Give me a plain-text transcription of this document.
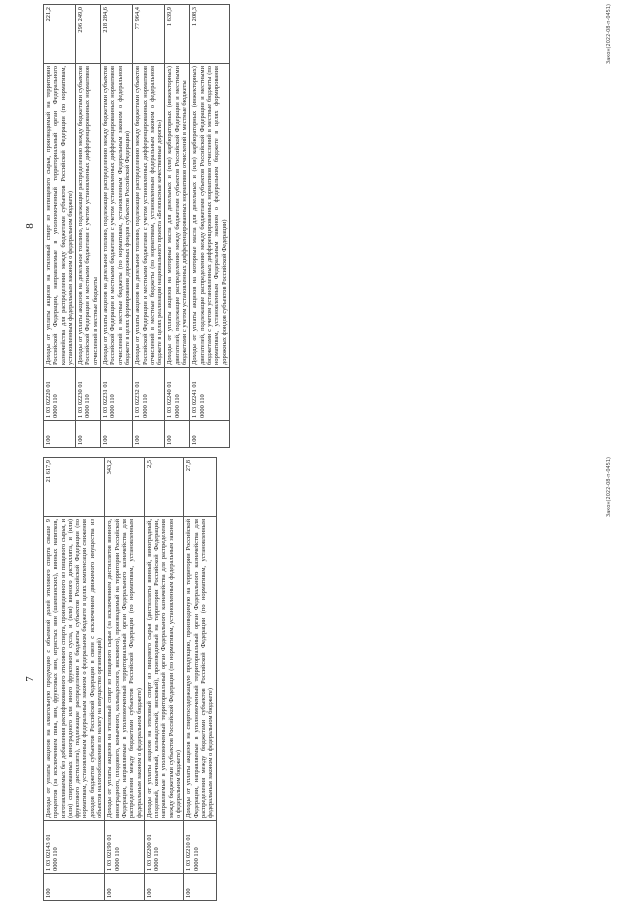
8
100	1 03 02220 01 0000 110	Доходы от уплаты акцизов на этиловый спирт из непищевого сырья, производимый на территории Российской Федерации, направляемые в уполномоченный территориальный орган Федерального казначейства для распределения между бюджетами субъектов Российской Федерации (по нормативам, установленным федеральным законом о федеральном бюджете)	221,2
100	1 03 02230 01 0000 110	Доходы от уплаты акцизов на дизельное топливо, подлежащие распределению между бюджетами субъектов Российской Федерации и местными бюджетами с учетом установленных дифференцированных нормативов отчислений в местные бюджеты	296 249,0
100	1 03 02231 01 0000 110	Доходы от уплаты акцизов на дизельное топливо, подлежащие распределению между бюджетами субъектов Российской Федерации и местными бюджетами с учетом установленных дифференцированных нормативов отчислений в местные бюджеты (по нормативам, установленным Федеральным законом о федеральном бюджете в целях формирования дорожных фондов субъектов Российской Федерации)	218 284,6
100	1 03 02232 01 0000 110	Доходы от уплаты акцизов на дизельное топливо, подлежащие распределению между бюджетами субъектов Российской Федерации и местными бюджетами с учетом установленных дифференцированных нормативов отчислений в местные бюджеты (по нормативам, установленным федеральным законом о федеральном бюджете в целях реализации национального проекта «Безопасные качественные дороги»)	77 964,4
100	1 03 02240 01 0000 110	Доходы от уплаты акцизов на моторные масла для дизельных и (или) карбюраторных (инжекторных) двигателей, подлежащие распределению между бюджетами субъектов Российской Федерации и местными бюджетами с учетом установленных дифференцированных нормативов отчислений в местные бюджеты	1 639,9
100	1 03 02241 01 0000 110	Доходы от уплаты акцизов на моторные масла для дизельных и (или) карбюраторных (инжекторных) двигателей, подлежащие распределению между бюджетами субъектов Российской Федерации и местными бюджетами с учетом установленных дифференцированных нормативов отчислений в местные бюджеты (по нормативам, установленным Федеральным законом о федеральном бюджете в целях формирования дорожных фондов субъектов Российской Федерации)	1 208,3	Закон(2022-08-п-0451)
7
100	1 03 02143 01 0000 110	Доходы от уплаты акцизов на алкогольную продукцию с объемной долей этилового спирта свыше 9 процентов (за исключением пива, вин, фруктовых вин, игристых вин (шампанских), винных напитков, изготавливаемых без добавления ректификованного этилового спирта, произведенного из пищевого сырья, и (или) спиртованных виноградного или иного фруктового сусла, и (или) винного дистиллята, и (или) фруктового дистиллята), подлежащие распределению в бюджеты субъектов Российской Федерации (по нормативам, установленным федеральным законом о федеральном бюджете в целях компенсации снижения доходов бюджетов субъектов Российской Федерации в связи с исключением движимого имущества из объектов налогообложения по налогу на имущество организаций)	21 617,9
100	1 03 02190 01 0000 110	Доходы от уплаты акцизов на этиловый спирт из пищевого сырья (за исключением дистиллятов винного, виноградного, плодового, коньячного, кальвадосного, вискового), производимый на территории Российской Федерации, направляемые в уполномоченный территориальный орган Федерального казначейства для распределения между бюджетами субъектов Российской Федерации (по нормативам, установленным федеральным законом о федеральном бюджете)	343,2
100	1 03 02200 01 0000 110	Доходы от уплаты акцизов на этиловый спирт из пищевого сырья (дистилляты винный, виноградный, плодовый, коньячный, кальвадосный, висковый), производимый на территории Российской Федерации, направляемые в уполномоченный территориальный орган Федерального казначейства для распределения между бюджетами субъектов Российской Федерации (по нормативам, установленным федеральным законом о федеральном бюджете)	2,5
100	1 03 02210 01 0000 110	Доходы от уплаты акцизов на спиртосодержащую продукцию, производимую на территории Российской Федерации, направляемые в уполномоченный территориальный орган Федерального казначейства для распределения между бюджетами субъектов Российской Федерации (по нормативам, установленным федеральным законом о федеральном бюджете)	27,8	Закон(2022-08-п-0451)
